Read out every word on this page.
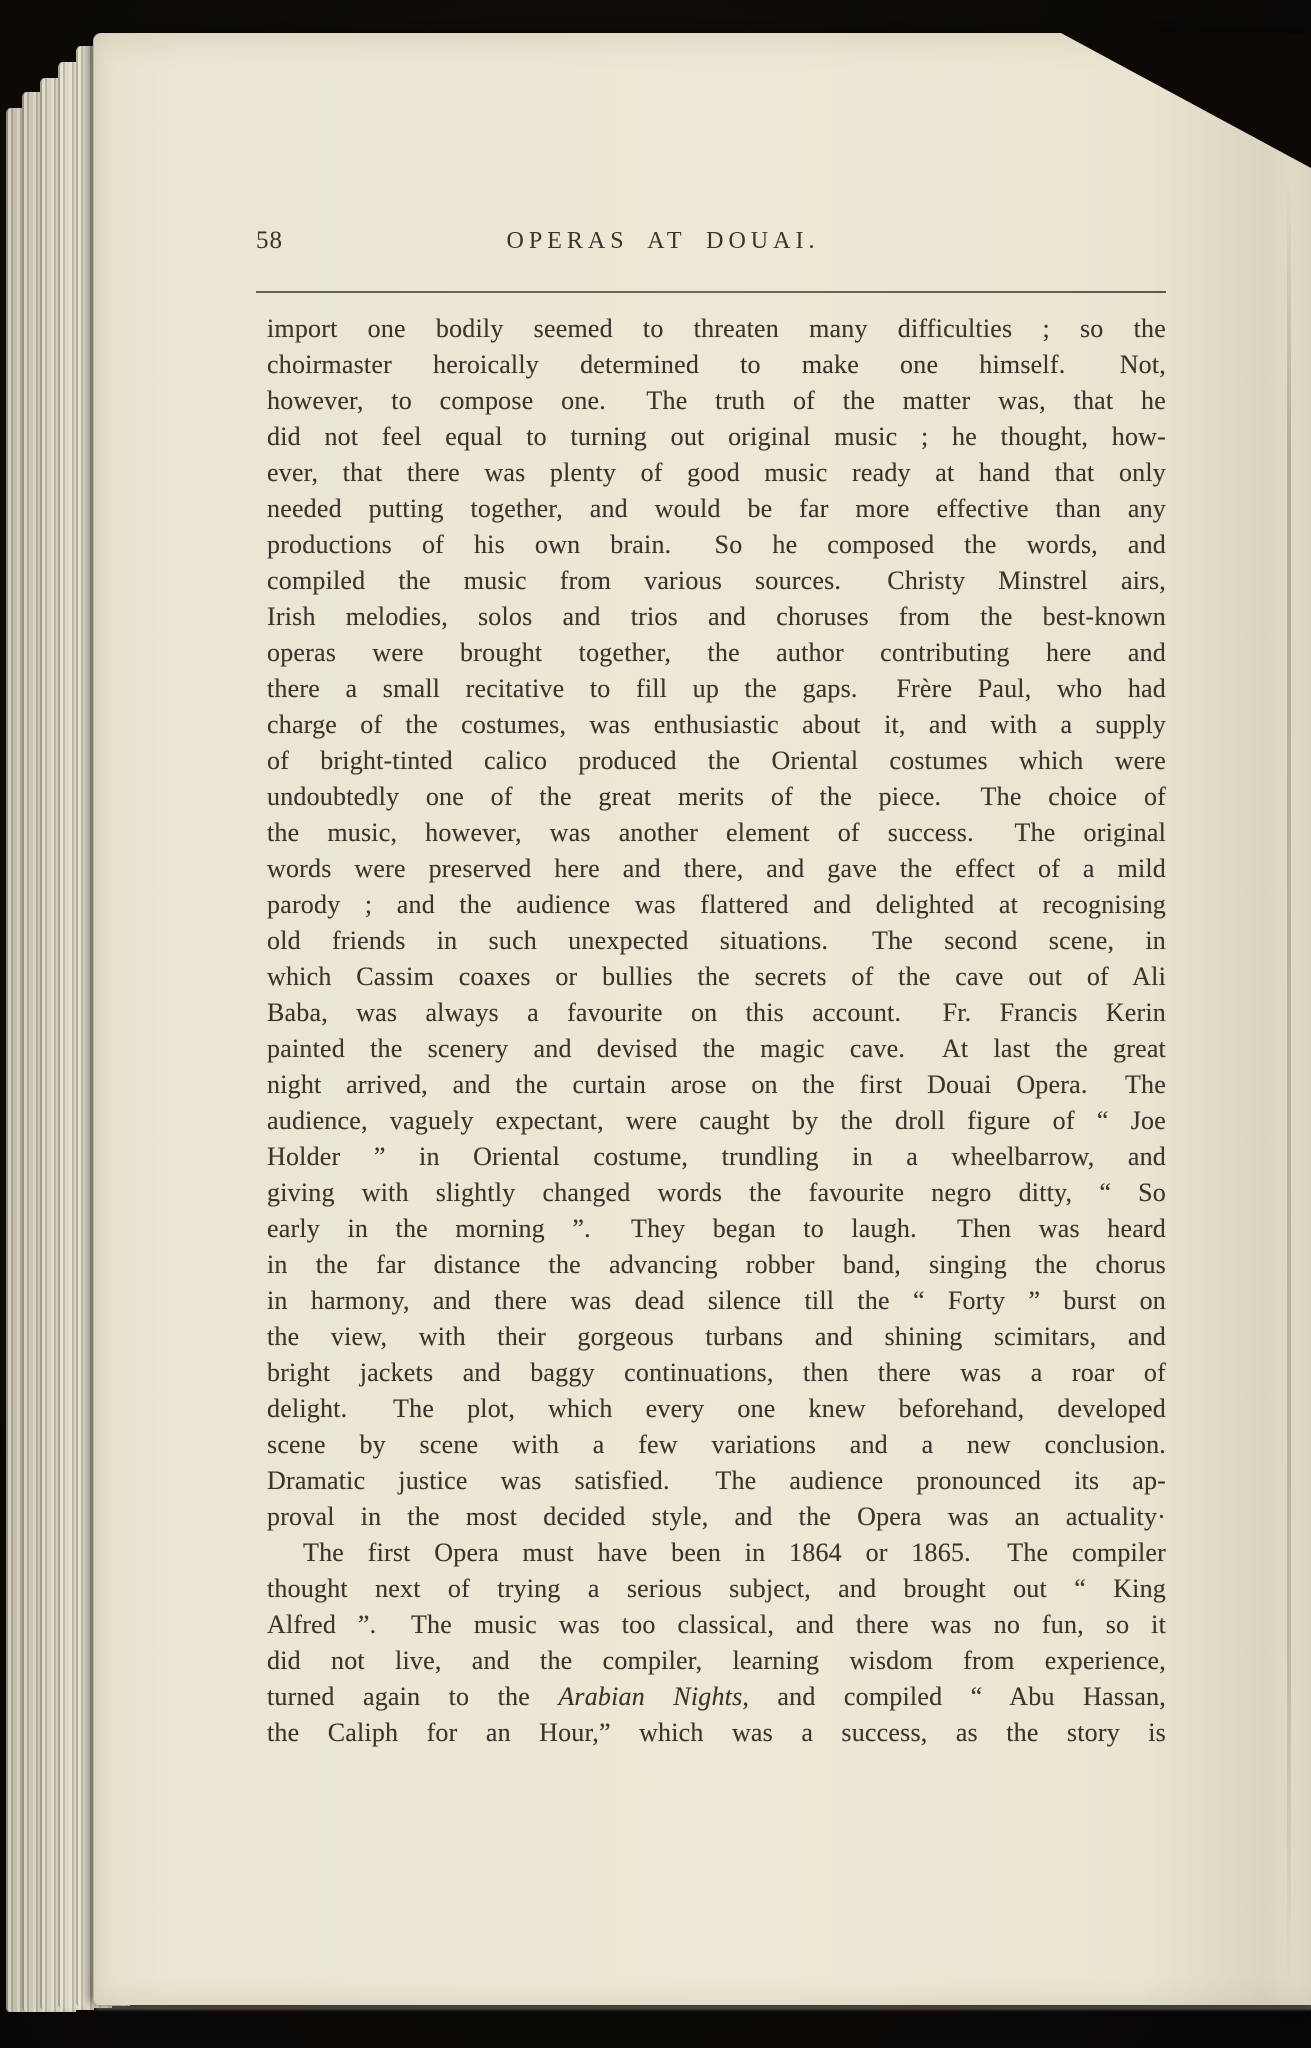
58	OPERAS AT DOUAI.
import one bodily seemed to threaten many difficulties ; so the
choirmaster heroically determined to make one himself.  Not,
however, to compose one.  The truth of the matter was, that he
did not feel equal to turning out original music ; he thought, how-
ever, that there was plenty of good music ready at hand that only
needed putting together, and would be far more effective than any
productions of his own brain.  So he composed the words, and
compiled the music from various sources.  Christy Minstrel airs,
Irish melodies, solos and trios and choruses from the best-known
operas were brought together, the author contributing here and
there a small recitative to fill up the gaps.  Frère Paul, who had
charge of the costumes, was enthusiastic about it, and with a supply
of bright-tinted calico produced the Oriental costumes which were
undoubtedly one of the great merits of the piece.  The choice of
the music, however, was another element of success.  The original
words were preserved here and there, and gave the effect of a mild
parody ; and the audience was flattered and delighted at recognising
old friends in such unexpected situations.  The second scene, in
which Cassim coaxes or bullies the secrets of the cave out of Ali
Baba, was always a favourite on this account.  Fr. Francis Kerin
painted the scenery and devised the magic cave.  At last the great
night arrived, and the curtain arose on the first Douai Opera.  The
audience, vaguely expectant, were caught by the droll figure of “ Joe
Holder ” in Oriental costume, trundling in a wheelbarrow, and
giving with slightly changed words the favourite negro ditty, “ So
early in the morning ”.  They began to laugh.  Then was heard
in the far distance the advancing robber band, singing the chorus
in harmony, and there was dead silence till the “ Forty ” burst on
the view, with their gorgeous turbans and shining scimitars, and
bright jackets and baggy continuations, then there was a roar of
delight.  The plot, which every one knew beforehand, developed
scene by scene with a few variations and a new conclusion.
Dramatic justice was satisfied.  The audience pronounced its ap-
proval in the most decided style, and the Opera was an actuality·
The first Opera must have been in 1864 or 1865.  The compiler
thought next of trying a serious subject, and brought out “ King
Alfred ”.  The music was too classical, and there was no fun, so it
did not live, and the compiler, learning wisdom from experience,
turned again to the Arabian Nights, and compiled “ Abu Hassan,
the Caliph for an Hour,” which was a success, as the story is
